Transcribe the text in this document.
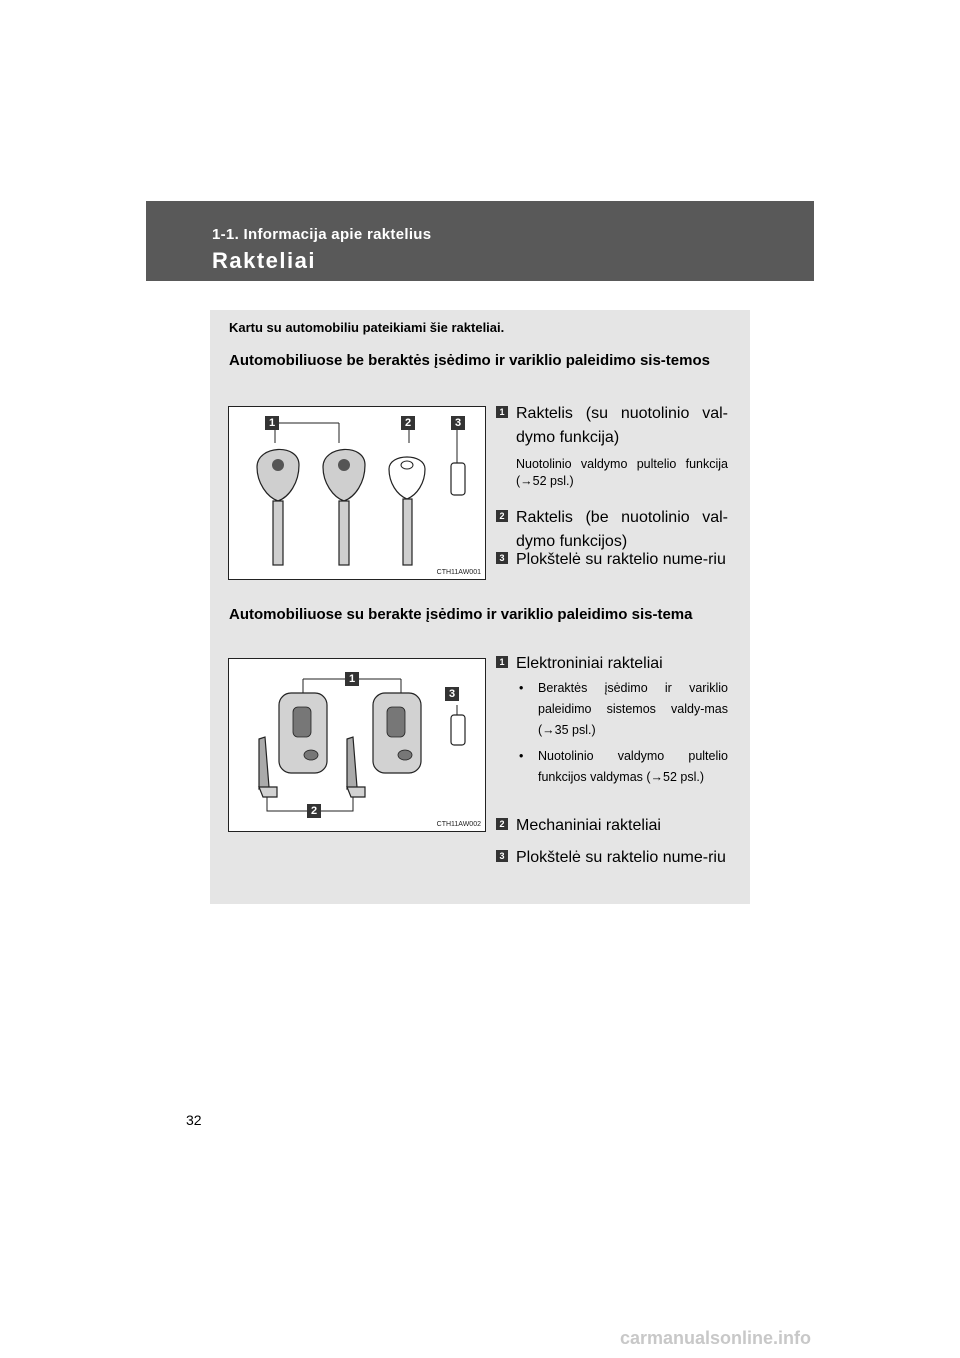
1-1. Informacija apie raktelius
Rakteliai
Kartu su automobiliu pateikiami šie rakteliai.
Automobiliuose be beraktės įsėdimo ir variklio paleidimo sis-temos
CTH11AW001
1	2	3
1 Raktelis (su nuotolinio val-dymo funkcija)
Nuotolinio valdymo pultelio funkcija (→52 psl.)
2 Raktelis (be nuotolinio val-dymo funkcijos)
3 Plokštelė su raktelio nume-riu
Automobiliuose su berakte įsėdimo ir variklio paleidimo sis-tema
CTH11AW002
1
2
3
1 Elektroniniai rakteliai
• Beraktės įsėdimo ir variklio paleidimo sistemos valdy-mas (→35 psl.)
• Nuotolinio valdymo pultelio funkcijos valdymas (→52 psl.)
2 Mechaniniai rakteliai
3 Plokštelė su raktelio nume-riu
32
carmanualsonline.info
